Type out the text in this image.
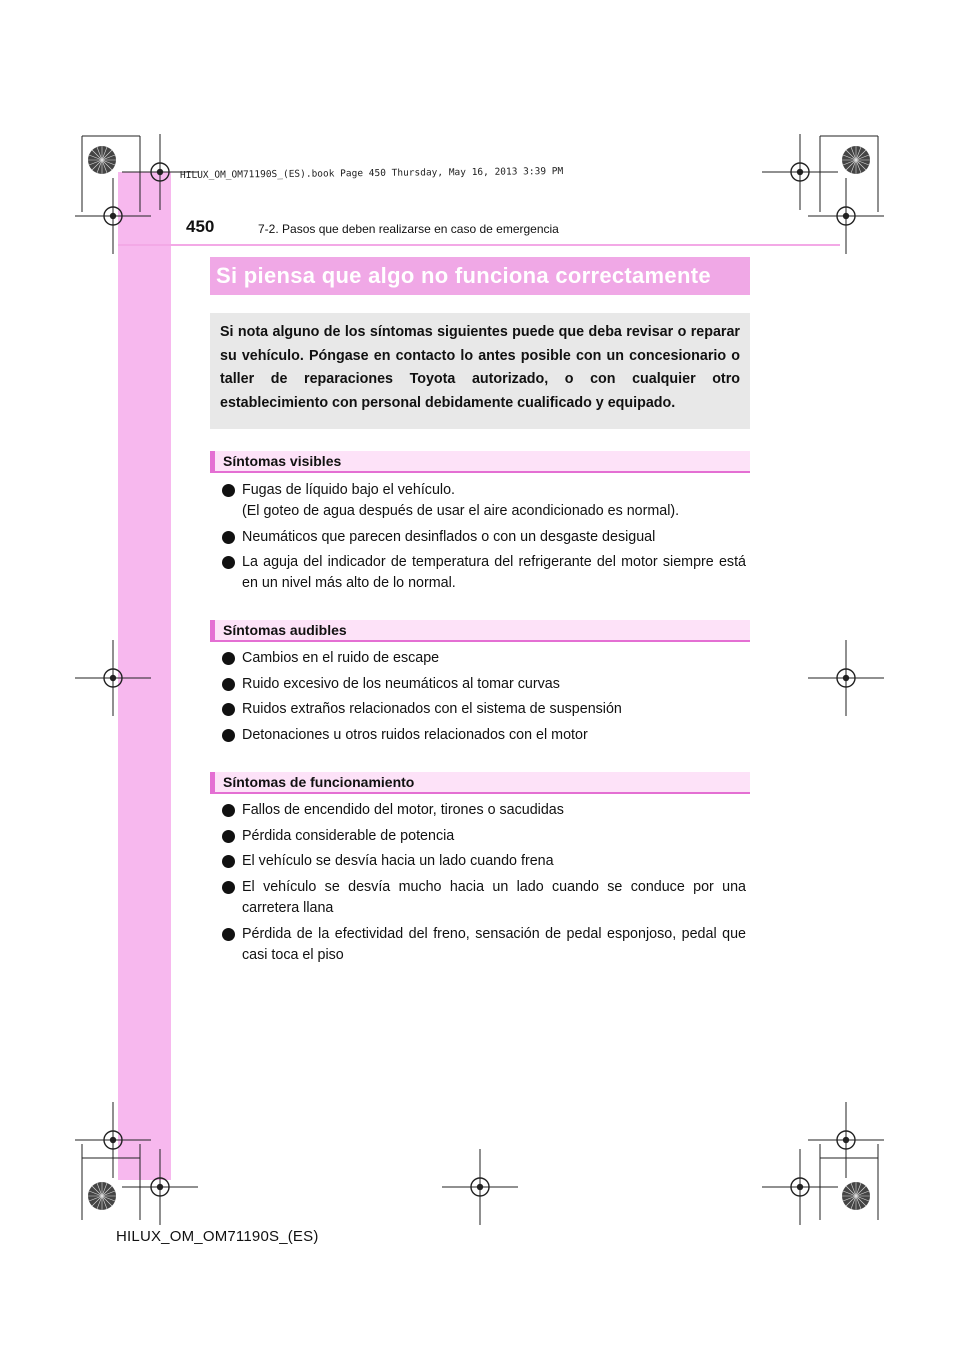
450	7-2. Pasos que deben realizarse en caso de emergencia
HILUX_OM_OM71190S_(ES).book Page 450 Thursday, May 16, 2013 3:39 PM
Si piensa que algo no funciona correctamente

Si nota alguno de los síntomas siguientes puede que deba revisar o reparar su vehículo. Póngase en contacto lo antes posible con un concesionario o taller de reparaciones Toyota autorizado, o con cualquier otro establecimiento con personal debidamente cualificado y equipado.

Síntomas visibles
Fugas de líquido bajo el vehículo.
(El goteo de agua después de usar el aire acondicionado es normal).
Neumáticos que parecen desinflados o con un desgaste desigual
La aguja del indicador de temperatura del refrigerante del motor siempre está en un nivel más alto de lo normal.
Síntomas audibles
Cambios en el ruido de escape
Ruido excesivo de los neumáticos al tomar curvas
Ruidos extraños relacionados con el sistema de suspensión
Detonaciones u otros ruidos relacionados con el motor
Síntomas de funcionamiento
Fallos de encendido del motor, tirones o sacudidas
Pérdida considerable de potencia
El vehículo se desvía hacia un lado cuando frena
El vehículo se desvía mucho hacia un lado cuando se conduce por una carretera llana
Pérdida de la efectividad del freno, sensación de pedal esponjoso, pedal que casi toca el piso
HILUX_OM_OM71190S_(ES)
